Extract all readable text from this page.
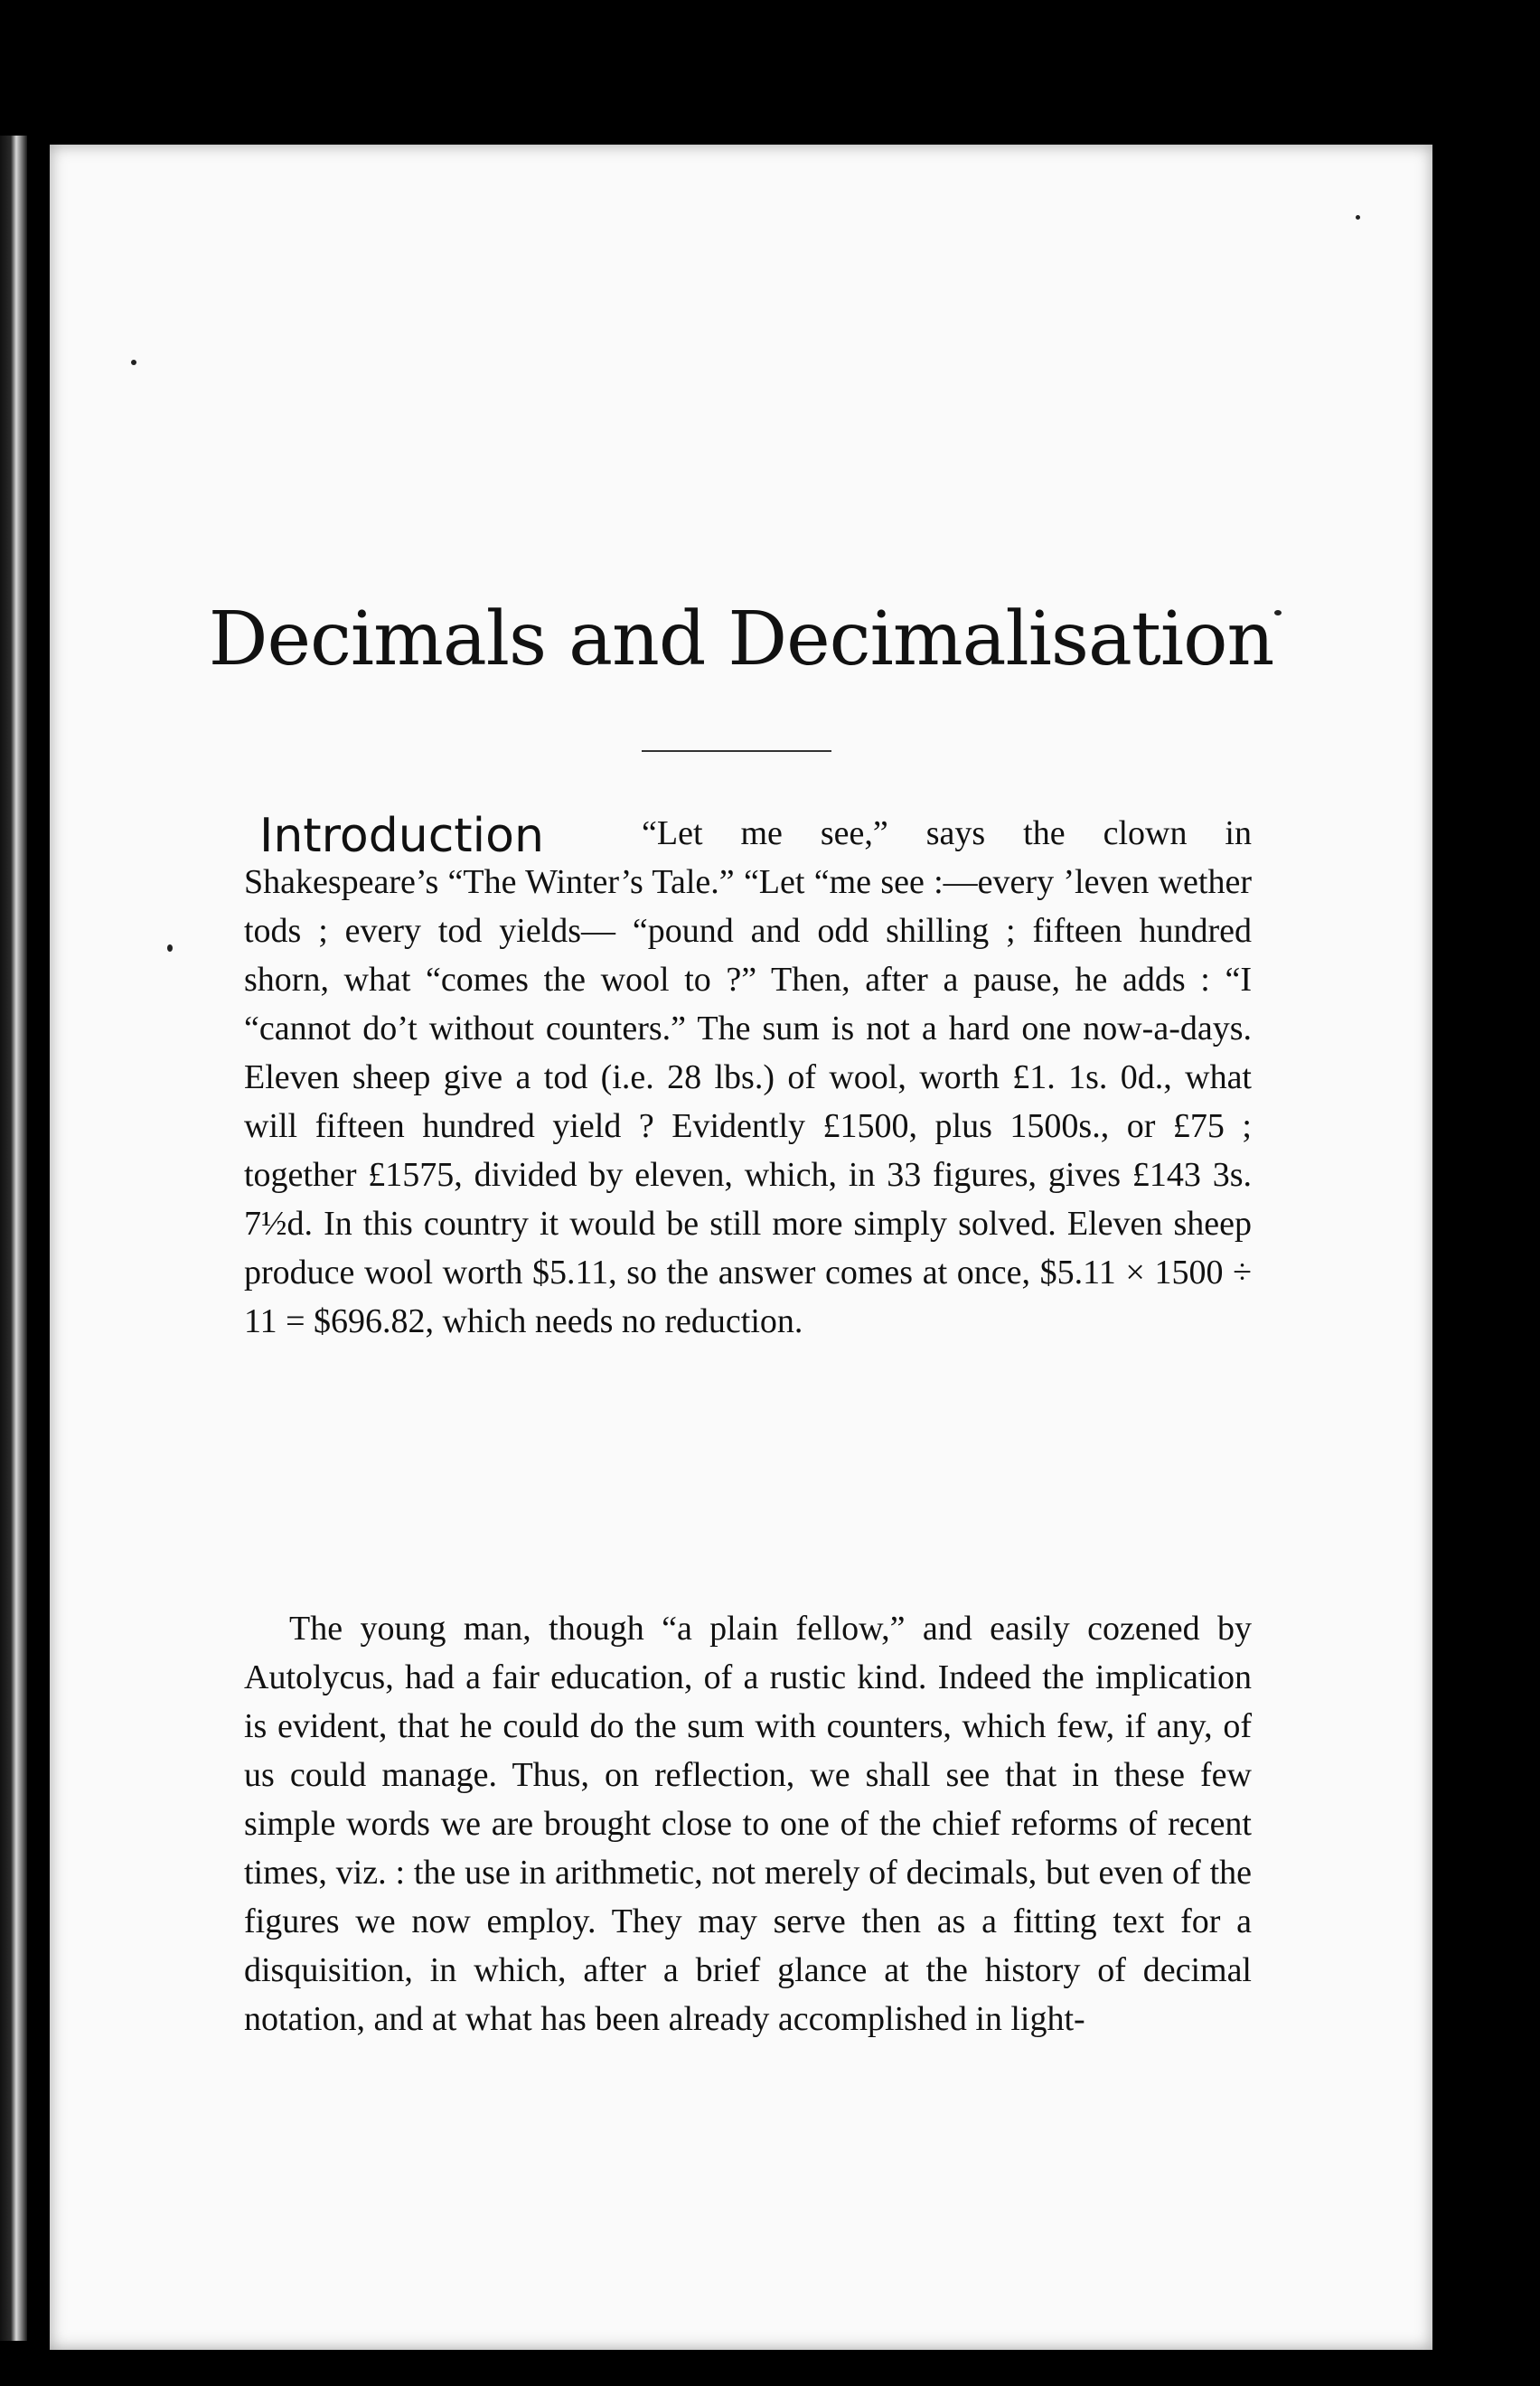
Decimals and Decimalisation
Introduction	“Let me see,” says the clown in Shakespeare’s “The Winter’s Tale.” “Let “me see :—every ’leven wether tods ; every tod yields— “pound and odd shilling ; fifteen hundred shorn, what “comes the wool to ?” Then, after a pause, he adds : “I “cannot do’t without counters.” The sum is not a hard one now-a-days. Eleven sheep give a tod (i.e. 28 lbs.) of wool, worth £1. 1s. 0d., what will fifteen hundred yield ? Evidently £1500, plus 1500s., or £75 ; together £1575, divided by eleven, which, in 33 figures, gives £143 3s. 7½d. In this country it would be still more simply solved. Eleven sheep produce wool worth $5.11, so the answer comes at once, $5.11 × 1500 ÷ 11 = $696.82, which needs no reduction.
The young man, though “a plain fellow,” and easily cozened by Autolycus, had a fair education, of a rustic kind. Indeed the implication is evident, that he could do the sum with counters, which few, if any, of us could manage. Thus, on reflection, we shall see that in these few simple words we are brought close to one of the chief reforms of recent times, viz. : the use in arithmetic, not merely of decimals, but even of the figures we now employ. They may serve then as a fitting text for a disquisition, in which, after a brief glance at the history of decimal notation, and at what has been already accomplished in light-
